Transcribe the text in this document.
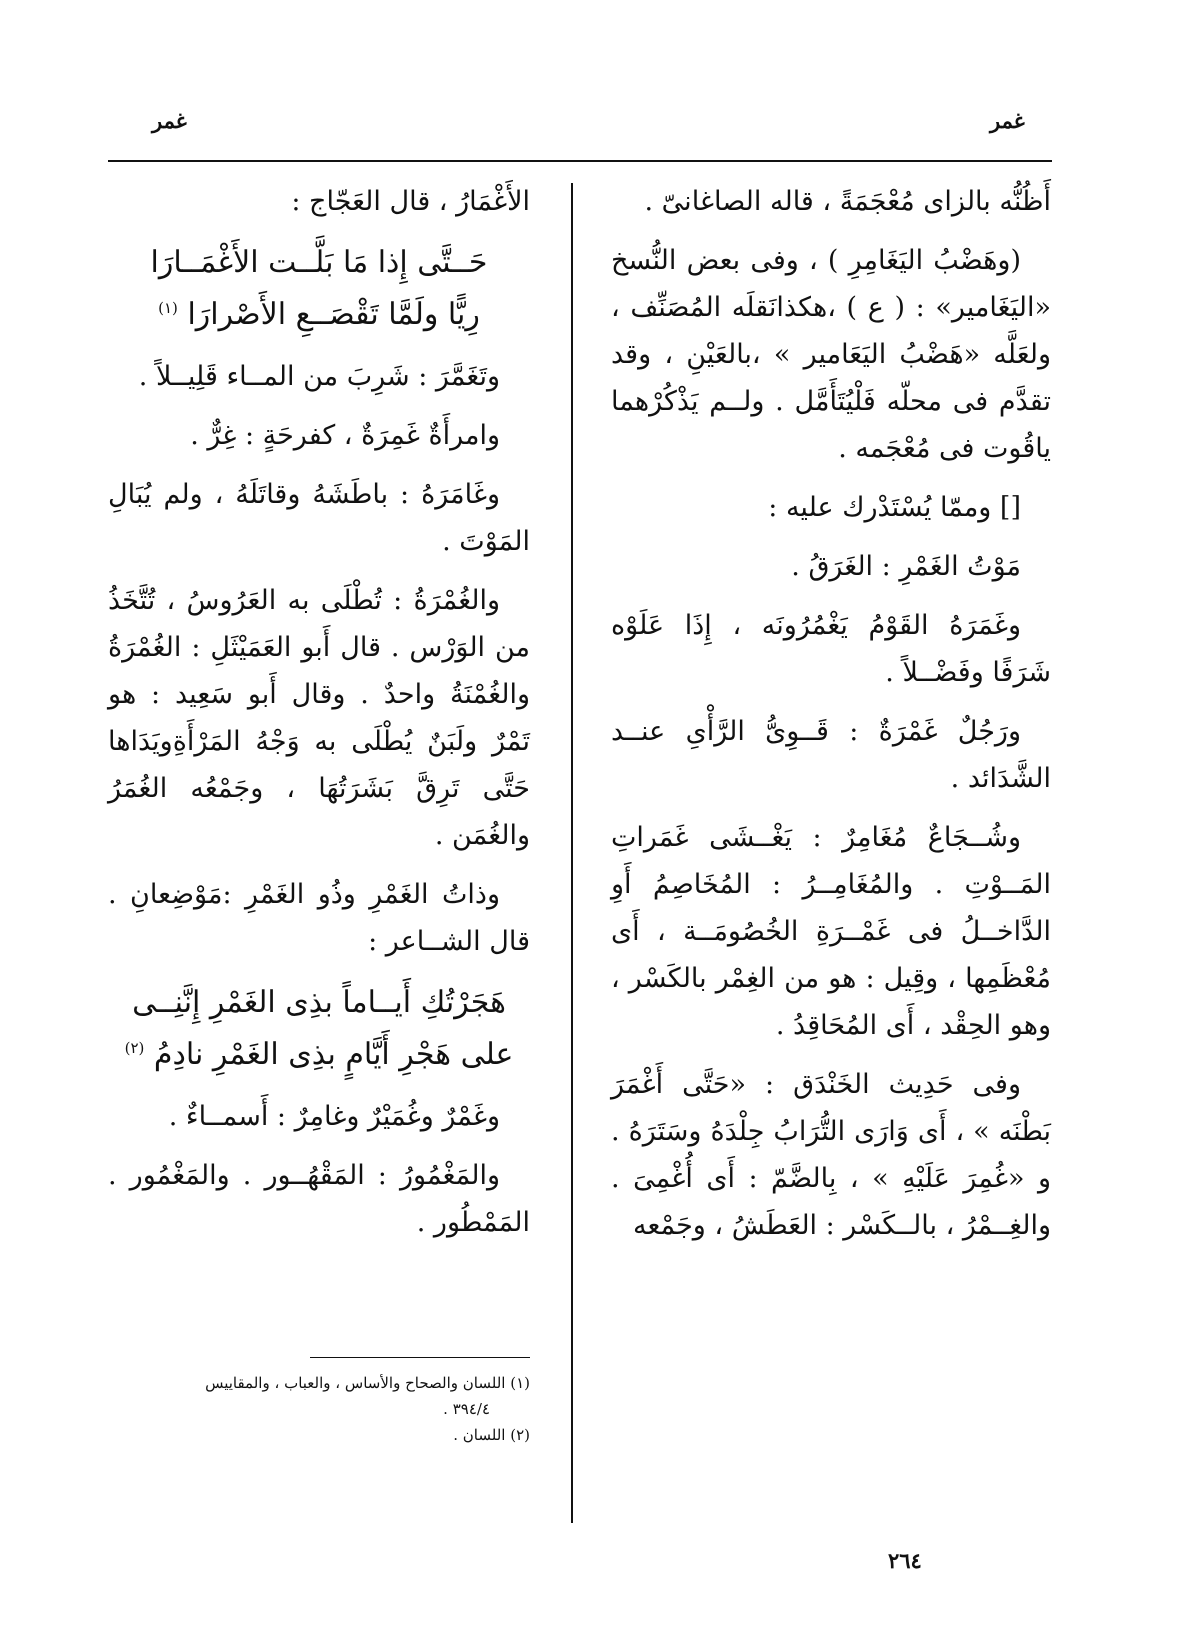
غمر	غمر

أَظُنُّه بالزاى مُعْجَمَةً ، قاله الصاغانىّ .

(وهَضْبُ اليَغَامِرِ ) ، وفى بعض النُّسخ «اليَغَامير» : ( ع ) ،هكذانَقلَه المُصَنِّف ، ولعَلَّه «هَضْبُ اليَعَامير » ،بالعَيْنِ ، وقد تقدَّم فى محلّه فَلْيُتَأَمَّل . ولــم يَذْكُرْهما ياقُوت فى مُعْجَمه .

[] وممّا يُسْتَدْرك عليه :

مَوْتُ الغَمْرِ : الغَرَقُ .

وغَمَرَهُ القَوْمُ يَغْمُرُونَه ، إِذَا عَلَوْه شَرَفًا وفَضْــلاً .

ورَجُلٌ غَمْرَةٌ : قَــوِىُّ الرَّأْىِ عنــد الشَّدَائد .

وشُــجَاعٌ مُغَامِرٌ : يَغْــشَى غَمَراتِ المَــوْتِ . والمُغَامِــرُ : المُخَاصِمُ أَوِ الدَّاخــلُ فى غَمْــرَةِ الخُصُومَــة ، أَى مُعْظَمِها ، وقِيل : هو من الغِمْر بالكَسْر ، وهو الحِقْد ، أَى المُحَاقِدُ .

وفى حَدِيث الخَنْدَق : «حَتَّى أَغْمَرَ بَطْنَه » ، أَى وَارَى التُّرَابُ جِلْدَهُ وسَتَرَهُ . و «غُمِرَ عَلَيْهِ » ، بِالضَّمّ : أَى أُغْمِىَ . والغِــمْرُ ، بالــكَسْر : العَطَشُ ، وجَمْعه

الأَغْمَارُ ، قال العَجّاج :

حَــتَّى إِذا مَا بَلَّــت الأَغْمَــارَا

رِيًّا ولَمَّا تَقْصَــعِ الأَصْرارَا $^{(١)}$

وتَغَمَّرَ : شَرِبَ من المــاء قَلِيــلاً .

وامرأَةٌ غَمِرَةٌ ، كفرحَةٍ : غِرٌّ .

وغَامَرَهُ : باطَشَهُ وقاتَلَهُ ، ولم يُبَالِ المَوْتَ .

والغُمْرَةُ : تُطْلَى به العَرُوسُ ، تُتَّخَذُ من الوَرْس . قال أَبو العَمَيْثَلِ : الغُمْرَةُ والغُمْنَةُ واحدٌ . وقال أَبو سَعِيد : هو تَمْرٌ ولَبَنٌ يُطْلَى به وَجْهُ المَرْأَةِويَدَاها حَتَّى تَرِقَّ بَشَرَتُهَا ، وجَمْعُه الغُمَرُ والغُمَن .

وذاتُ الغَمْرِ وذُو الغَمْرِ :مَوْضِعانِ . قال الشــاعر :

هَجَرْتُكِ أَيــاماً بذِى الغَمْرِ إِنَّنِــى

على هَجْرِ أَيَّامٍ بذِى الغَمْرِ نادِمُ $^{(٢)}$

وغَمْرٌ وغُمَيْرٌ وغامِرٌ : أَسمــاءٌ .

والمَغْمُورُ : المَقْهُــور . والمَغْمُور . المَمْطُور .

(١) اللسان والصحاح والأساس ، والعباب ، والمقاييس
٣٩٤/٤ .
(٢) اللسان .
٢٦٤
